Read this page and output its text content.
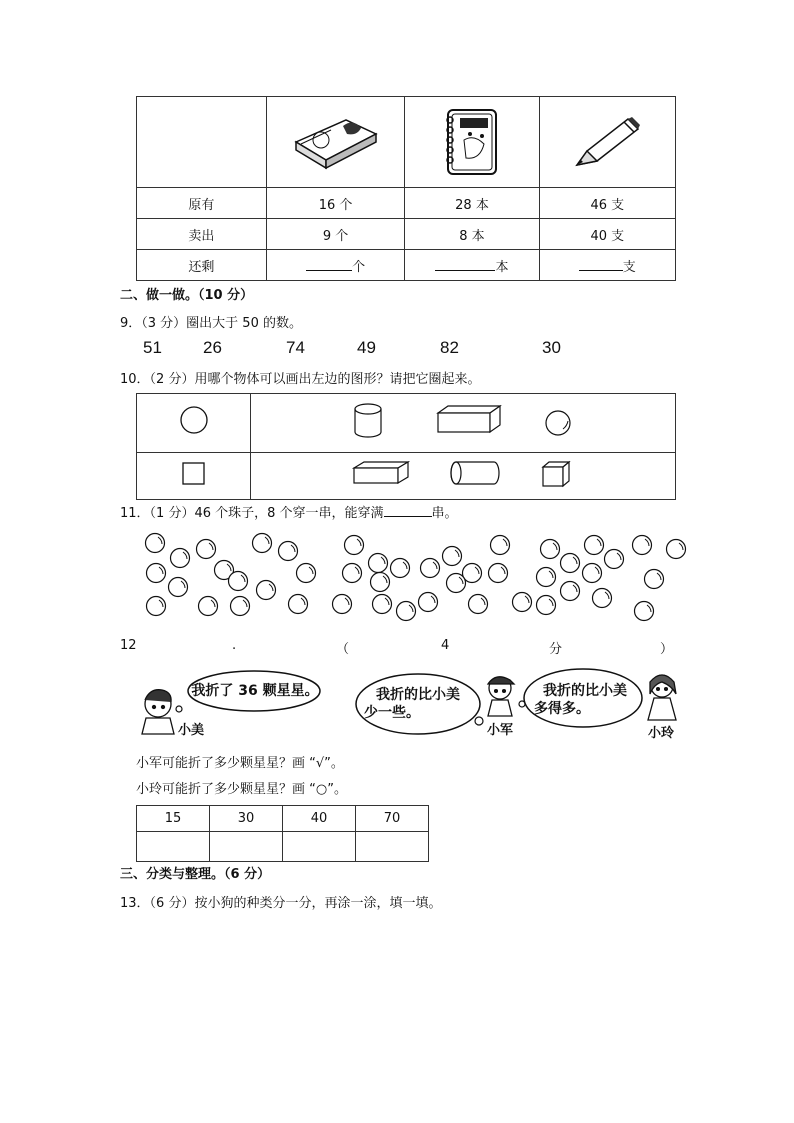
原有	16 个	28 本	46 支
卖出	9 个	8 本	40 支
还剩	个	本	支
二、做一做。（10 分）
9．（3 分）圈出大于 50 的数。
51 26	74	49	82	30
10．（2 分）用哪个物体可以画出左边的图形？请把它圈起来。

11．（1 分）46 个珠子，8 个穿一串，能穿满	串。
12	.	（	4	分	）
我折了 36 颗星星。	我折的比小美
少一些。
我折的比小美
多得多。
小美	小军	小玲
小军可能折了多少颗星星？画 “√”。
小玲可能折了多少颗星星？画 “○”。
15	30	40	70

三、分类与整理。（6 分）
13．（6 分）按小狗的种类分一分，再涂一涂，填一填。
